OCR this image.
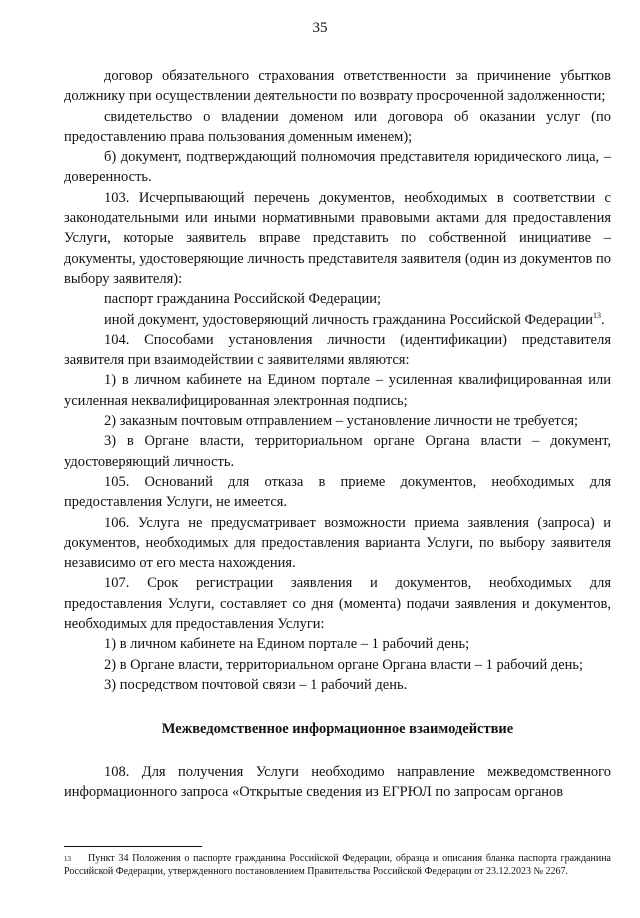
35

договор обязательного страхования ответственности за причинение убытков должнику при осуществлении деятельности по возврату просроченной задолженности;

свидетельство о владении доменом или договора об оказании услуг (по предоставлению права пользования доменным именем);

б) документ, подтверждающий полномочия представителя юридического лица, – доверенность.

103. Исчерпывающий перечень документов, необходимых в соответствии с законодательными или иными нормативными правовыми актами для предоставления Услуги, которые заявитель вправе представить по собственной инициативе – документы, удостоверяющие личность представителя заявителя (один из документов по выбору заявителя):

паспорт гражданина Российской Федерации;

иной документ, удостоверяющий личность гражданина Российской Федерации$^{13}$.

104. Способами установления личности (идентификации) представителя заявителя при взаимодействии с заявителями являются:

1) в личном кабинете на Едином портале – усиленная квалифицированная или усиленная неквалифицированная электронная подпись;

2) заказным почтовым отправлением – установление личности не требуется;

3) в Органе власти, территориальном органе Органа власти – документ, удостоверяющий личность.

105. Оснований для отказа в приеме документов, необходимых для предоставления Услуги, не имеется.

106. Услуга не предусматривает возможности приема заявления (запроса) и документов, необходимых для предоставления варианта Услуги, по выбору заявителя независимо от его места нахождения.

107. Срок регистрации заявления и документов, необходимых для предоставления Услуги, составляет со дня (момента) подачи заявления и документов, необходимых для предоставления Услуги:

1) в личном кабинете на Едином портале – 1 рабочий день;

2) в Органе власти, территориальном органе Органа власти – 1 рабочий день;

3) посредством почтовой связи – 1 рабочий день.

Межведомственное информационное взаимодействие

108. Для получения Услуги необходимо направление межведомственного информационного запроса «Открытые сведения из ЕГРЮЛ по запросам органов

13 Пункт 34 Положения о паспорте гражданина Российской Федерации, образца и описания бланка паспорта гражданина Российской Федерации, утвержденного постановлением Правительства Российской Федерации от 23.12.2023 № 2267.
